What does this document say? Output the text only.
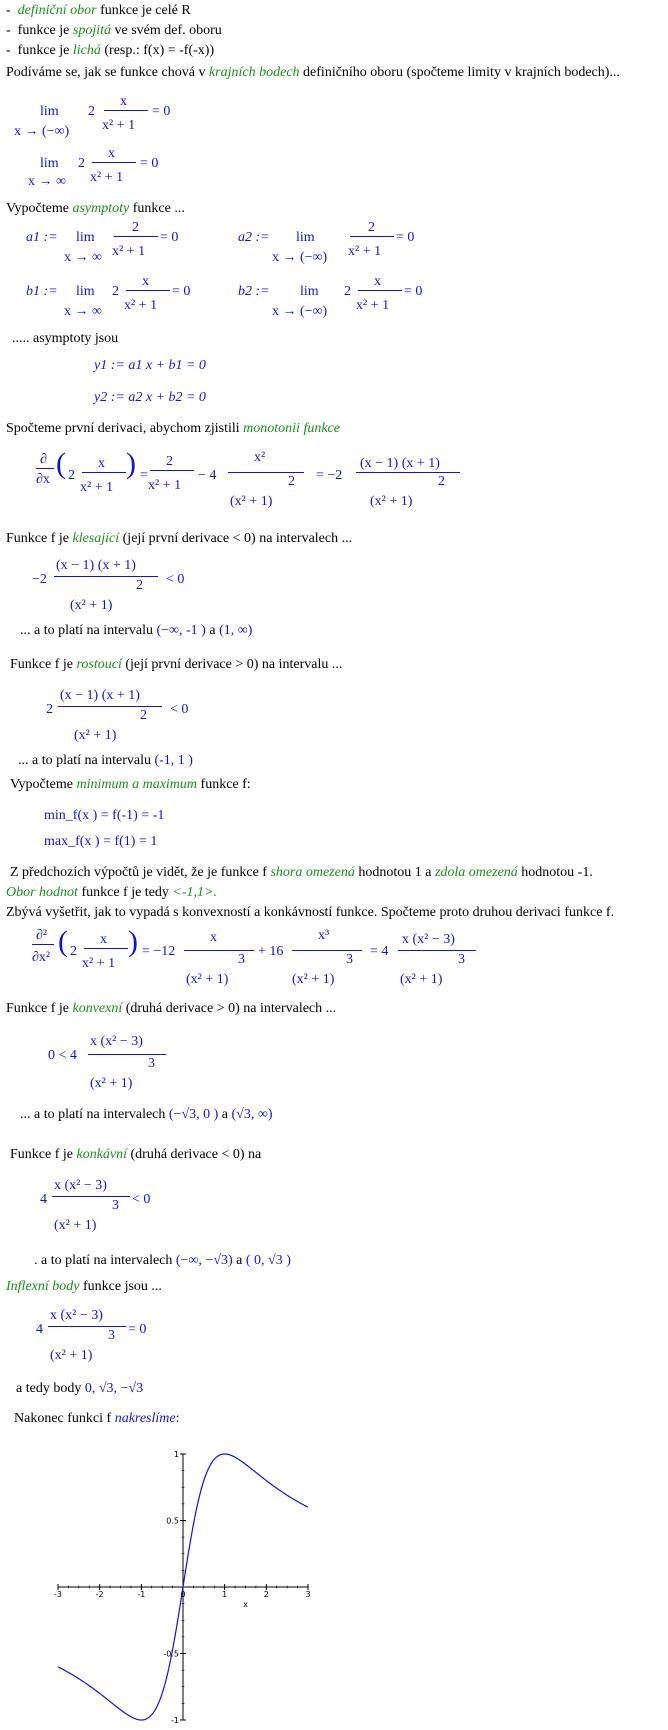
- definiční obor funkce je celé R
- funkce je spojitá ve svém def. oboru
- funkce je lichá (resp.: f(x) = -f(-x))
Podíváme se, jak se funkce chová v krajních bodech definičního oboru (spočteme limity v krajních bodech)...
lim
x → (−∞)
2
x
x² + 1
= 0
lim
x → ∞
2
x
x² + 1
= 0
Vypočteme asymptoty funkce ...
a1 := lim
x → ∞
2
x² + 1
= 0	a2 := lim
x → (−∞)
2
x² + 1
= 0
b1 := lim
x → ∞
2
x
x² + 1
= 0	b2 := lim
x → (−∞)
2
x
x² + 1
= 0
..... asymptoty jsou
y1 := a1 x + b1 = 0
y2 := a2 x + b2 = 0
Spočteme první derivaci, abychom zjistili monotonii funkce
∂
∂x ( 2
x
x² + 1
) =
2
x² + 1
− 4
x²
2
(x² + 1)
= −2
(x − 1) (x + 1)
2
(x² + 1)
Funkce f je klesající (její první derivace < 0) na intervalech ...
−2
(x − 1) (x + 1)
2
(x² + 1)
< 0
... a to platí na intervalu (−∞, -1 ) a (1, ∞)
Funkce f je rostoucí (její první derivace > 0) na intervalu ...
2
(x − 1) (x + 1)
2
(x² + 1)
< 0
... a to platí na intervalu (-1, 1 )
Vypočteme minimum a maximum funkce f:
min_f(x ) = f(-1) = -1
max_f(x ) = f(1) = 1
Z předchozích výpočtů je vidět, že je funkce f shora omezená hodnotou 1 a zdola omezená hodnotou -1.
Obor hodnot funkce f je tedy <-1,1>.
Zbývá vyšetřit, jak to vypadá s konvexností a konkávností funkce. Spočteme proto druhou derivaci funkce f.
∂²
∂x² ( 2
x
x² + 1
) = −12
x
3
(x² + 1)
+ 16
x³
3
(x² + 1)
= 4
x (x² − 3)
3
(x² + 1)
Funkce f je konvexní (druhá derivace > 0) na intervalech ...
0 < 4
x (x² − 3)
3
(x² + 1)
... a to platí na intervalech (−√3, 0 ) a (√3, ∞)
Funkce f je konkávní (druhá derivace < 0) na
4
x (x² − 3)
3
(x² + 1)
< 0
. a to platí na intervalech (−∞, −√3) a ( 0, √3 )
Inflexní body funkce jsou ...
4
x (x² − 3)
3
(x² + 1)
= 0
a tedy body 0, √3, −√3
Nakonec funkci f nakreslíme:
-3	-2	-1	0	1	2	3
1
0.5
-0.5
-1
x
